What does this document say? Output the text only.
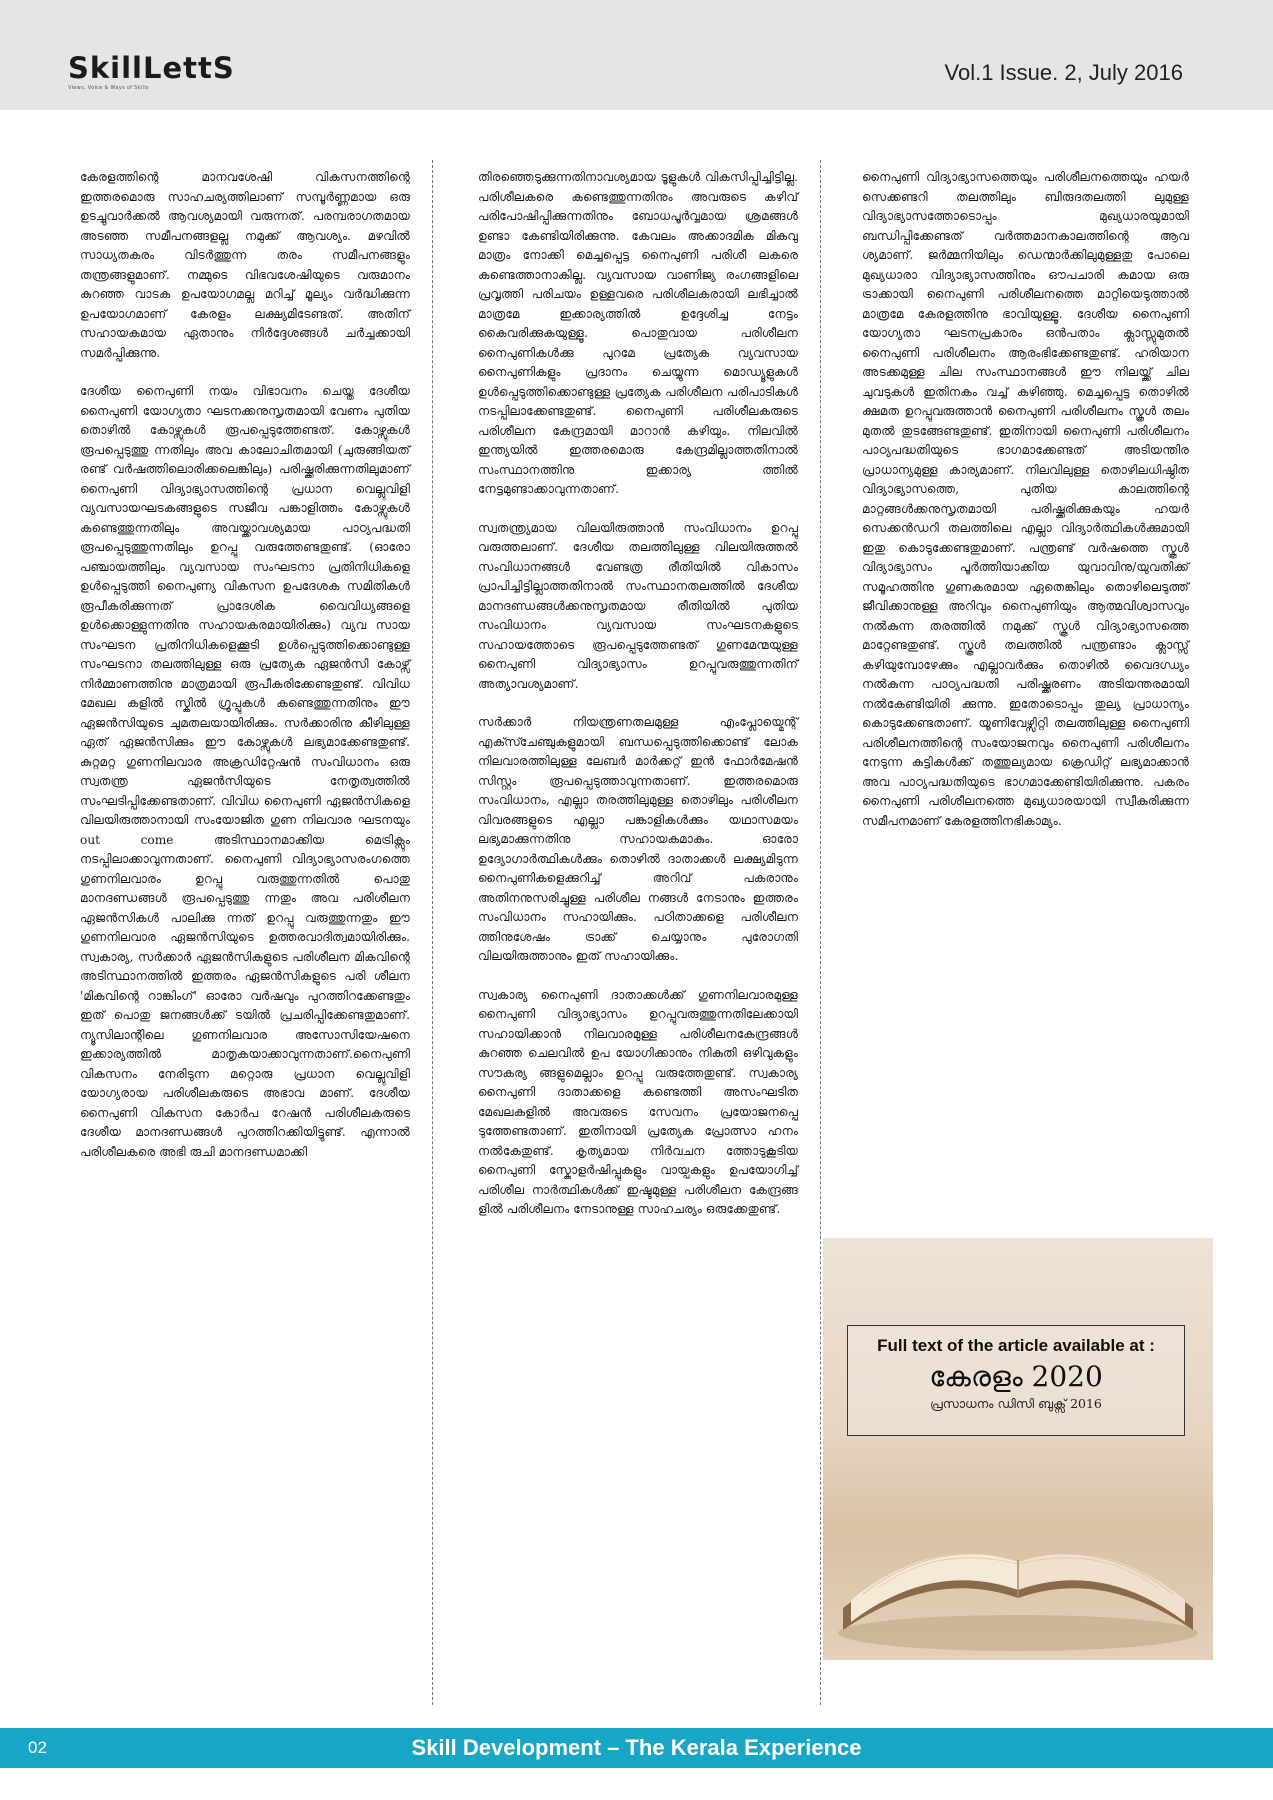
SkillLettS
Views, Voice & Ways of Skills
Vol.1 Issue. 2, July 2016

കേരളത്തിന്റെ മാനവശേഷി വികസനത്തിന്റെ ഇത്തരമൊരു സാഹചര്യത്തിലാണ് സമ്പൂർണ്ണമായ ഒരു ഉടച്ചുവാർക്കൽ ആവശ്യമായി വരുന്നത്. പരമ്പരാഗതമായ അടഞ്ഞ സമീപനങ്ങളല്ല നമുക്ക് ആവശ്യം. മഴവിൽ സാധ്യതകരം വിടർത്തുന്ന തരം സമീപനങ്ങളും തന്ത്രങ്ങളുമാണ്. നമ്മുടെ വിഭവശേഷിയുടെ വരുമാനം കുറഞ്ഞ വാടക ഉപയോഗമല്ല മറിച്ച് മൂല്യം വർദ്ധിക്കുന്ന ഉപയോഗമാണ് കേരളം ലക്ഷ്യമിടേണ്ടത്. അതിന് സഹായകമായ ഏതാനും നിർദ്ദേശങ്ങൾ ചർച്ചക്കായി സമർപ്പിക്കുന്നു.

ദേശീയ നൈപുണി നയം വിഭാവനം ചെയ്ത ദേശീയ നൈപുണി യോഗ്യതാ ഘടനക്കനുസൃതമായി വേണം പുതിയ തൊഴിൽ കോഴ്സുകൾ രൂപപ്പെടുത്തേണ്ടത്. കോഴ്സുകൾ രൂപപ്പെടുത്തു ന്നതിലും അവ കാലോചിതമായി (ചുരുങ്ങിയത് രണ്ട് വർഷത്തിലൊരിക്കലെങ്കിലും) പരിഷ്ക്കരിക്കുന്നതിലുമാണ് നൈപുണി വിദ്യാഭ്യാസത്തിന്റെ പ്രധാന വെല്ലുവിളി വ്യവസായഘടകങ്ങളുടെ സജീവ പങ്കാളിത്തം കോഴ്സുകൾ കണ്ടെത്തുന്നതിലും അവയ്ക്കാവശ്യമായ പാഠ്യപദ്ധതി രൂപപ്പെടുത്തുന്നതിലും ഉറപ്പു വരുത്തേണ്ടതുണ്ട്. (ഓരോ പഞ്ചായത്തിലും വ്യവസായ സംഘടനാ പ്രതിനിധികളെ ഉൾപ്പെടുത്തി നൈപുണ്യ വികസന ഉപദേശക സമിതികൾ രൂപീകരിക്കുന്നത് പ്രാദേശിക വൈവിധ്യങ്ങളെ ഉൾക്കൊള്ളുന്നതിനു സഹായകരമായിരിക്കും) വ്യവ സായ സംഘടന പ്രതിനിധികളെക്കൂടി ഉൾപ്പെടുത്തിക്കൊണ്ടുള്ള സംഘടനാ തലത്തിലുള്ള ഒരു പ്രത്യേക ഏജൻസി കോഴ്സ് നിർമ്മാണത്തിനു മാത്രമായി രൂപീകരിക്കേണ്ടതുണ്ട്. വിവിധ മേഖല കളിൽ സ്കിൽ ഗ്രൂപ്പുകൾ കണ്ടെത്തുന്നതിനും ഈ ഏജൻസിയുടെ ചുമതലയായിരിക്കും. സർക്കാരിനു കീഴിലുള്ള ഏത് ഏജൻസിക്കും ഈ കോഴ്സുകൾ ലഭ്യമാക്കേണ്ടതുണ്ട്. കുറ്റമറ്റ ഗുണനിലവാര അക്രഡിറ്റേഷൻ സംവിധാനം ഒരു സ്വതന്ത്ര ഏജൻസിയുടെ നേതൃത്വത്തിൽ സംഘടിപ്പിക്കേണ്ടതാണ്. വിവിധ നൈപുണി ഏജൻസികളെ വിലയിരുത്താനായി സംയോജിത ഗുണ നിലവാര ഘടനയും out come അടിസ്ഥാനമാക്കിയ മെട്രിക്സും നടപ്പിലാക്കാവുന്നതാണ്. നൈപുണി വിദ്യാഭ്യാസരംഗത്തെ ഗുണനിലവാരം ഉറപ്പു വരുത്തുന്നതിൽ പൊതു മാനദണ്ഡങ്ങൾ രൂപപ്പെടുത്തു ന്നതും അവ പരിശീലന ഏജൻസികൾ പാലിക്കു ന്നത് ഉറപ്പു വരുത്തുന്നതും ഈ ഗുണനിലവാര ഏജൻസിയുടെ ഉത്തരവാദിത്വമായിരിക്കും. സ്വകാര്യ, സർക്കാർ ഏജൻസികളുടെ പരിശീലന മികവിന്റെ അടിസ്ഥാനത്തിൽ ഇത്തരം ഏജൻസികളുടെ പരി ശീലന 'മികവിന്റെ റാങ്കിംഗ്' ഓരോ വർഷവും പുറത്തിറക്കേണ്ടതും ഇത് പൊതു ജനങ്ങൾക്ക് ടയിൽ പ്രചരിപ്പിക്കേണ്ടതുമാണ്. ന്യൂസിലാന്റിലെ ഗുണനിലവാര അസോസിയേഷനെ ഇക്കാര്യത്തിൽ മാതൃകയാക്കാവുന്നതാണ്.നൈപുണി വികസനം നേരിടുന്ന മറ്റൊരു പ്രധാന വെല്ലുവിളി യോഗ്യരായ പരിശീലകരുടെ അഭാവ മാണ്. ദേശീയ നൈപുണി വികസന കോർപ റേഷൻ പരിശീലകരുടെ ദേശീയ മാനദണ്ഡങ്ങൾ പുറത്തിറക്കിയിട്ടുണ്ട്. എന്നാൽ പരിശീലകരെ അഭി രുചി മാനദണ്ഡമാക്കി

തിരഞ്ഞെടുക്കുന്നതിനാവശ്യമായ ടൂളുകൾ വികസിപ്പിച്ചിട്ടില്ല. പരിശീലകരെ കണ്ടെത്തുന്നതിനും അവരുടെ കഴിവ് പരിപോഷിപ്പിക്കുന്നതിനും ബോധപൂർവ്വമായ ശ്രമങ്ങൾ ഉണ്ടാ കേണ്ടിയിരിക്കുന്നു. കേവലം അക്കാദമിക മികവു മാത്രം നോക്കി മെച്ചപ്പെട്ട നൈപുണി പരിശീ ലകരെ കണ്ടെത്താനാകില്ല. വ്യവസായ വാണിജ്യ രംഗങ്ങളിലെ പ്രവൃത്തി പരിചയം ഉള്ളവരെ പരിശീലകരായി ലഭിച്ചാൽ മാത്രമേ ഇക്കാര്യത്തിൽ ഉദ്ദേശിച്ച നേട്ടം കൈവരിക്കുകയുള്ളൂ. പൊതുവായ പരിശീലന നൈപുണികൾക്കു പുറമേ പ്രത്യേക വ്യവസായ നൈപുണികളും പ്രദാനം ചെയ്യുന്ന മൊഡ്യൂളുകൾ ഉൾപ്പെടുത്തിക്കൊണ്ടുള്ള പ്രത്യേക പരിശീലന പരിപാടികൾ നടപ്പിലാക്കേണ്ടതുണ്ട്. നൈപുണി പരിശീലകരുടെ പരിശീലന കേന്ദ്രമായി മാറാൻ കഴിയും. നിലവിൽ ഇന്ത്യയിൽ ഇത്തരമൊരു കേന്ദ്രമില്ലാത്തതിനാൽ സംസ്ഥാനത്തിനു ഇക്കാര്യ ത്തിൽ നേട്ടമുണ്ടാക്കാവുന്നതാണ്.

സ്വതന്ത്ര്യമായ വിലയിരുത്താൻ സംവിധാനം ഉറപ്പു വരുത്തലാണ്. ദേശീയ തലത്തിലുള്ള വിലയിരുത്തൽ സംവിധാനങ്ങൾ വേണ്ടത്ര രീതിയിൽ വികാസം പ്രാപിച്ചിട്ടില്ലാത്തതിനാൽ സംസ്ഥാനതലത്തിൽ ദേശീയ മാനദണ്ഡങ്ങൾക്കനുസൃതമായ രീതിയിൽ പുതിയ സംവിധാനം വ്യവസായ സംഘടനകളുടെ സഹായത്തോടെ രൂപപ്പെടുത്തേണ്ടത് ഗുണമേന്മയുള്ള നൈപുണി വിദ്യാഭ്യാസം ഉറപ്പുവരുത്തുന്നതിന് അത്യാവശ്യമാണ്.

സർക്കാർ നിയന്ത്രണതലമുള്ള എംപ്ലോയ്മെന്റ് എക്സ്ചേഞ്ചുകളുമായി ബന്ധപ്പെടുത്തിക്കൊണ്ട് ലോക നിലവാരത്തിലുള്ള ലേബർ മാർക്കറ്റ് ഇൻ ഫോർമേഷൻ സിസ്റ്റം രൂപപ്പെടുത്താവുന്നതാണ്. ഇത്തരമൊരു സംവിധാനം, എല്ലാ തരത്തിലുമുള്ള തൊഴിലും പരിശീലന വിവരങ്ങളുടെ എല്ലാ പങ്കാളികൾക്കും യഥാസമയം ലഭ്യമാക്കുന്നതിനു സഹായകമാകും. ഓരോ ഉദ്യോഗാർത്ഥികൾക്കും തൊഴിൽ ദാതാക്കൾ ലക്ഷ്യമിടുന്ന നൈപുണികളെക്കുറിച്ച് അറിവ് പകരാനും അതിനനുസരിച്ചുള്ള പരിശീല നങ്ങൾ നേടാനും ഇത്തരം സംവിധാനം സഹായിക്കും. പഠിതാക്കളെ പരിശീലന ത്തിനുശേഷം ട്രാക്ക് ചെയ്യാനും പുരോഗതി വിലയിരുത്താനും ഇത് സഹായിക്കും.

സ്വകാര്യ നൈപുണി ദാതാക്കൾക്ക് ഗുണനിലവാരമുള്ള നൈപുണി വിദ്യാഭ്യാസം ഉറപ്പുവരുത്തുന്നതിലേക്കായി സഹായിക്കാൻ നിലവാരമുള്ള പരിശീലനകേന്ദ്രങ്ങൾ കുറഞ്ഞ ചെലവിൽ ഉപ യോഗിക്കാനും നികുതി ഒഴിവുകളും സൗകര്യ ങ്ങളുമെല്ലാം ഉറപ്പു വരുത്തേതുണ്ട്. സ്വകാര്യ നൈപുണി ദാതാക്കളെ കണ്ടെത്തി അസംഘടിത മേഖലകളിൽ അവരുടെ സേവനം പ്രയോജനപ്പെ ടുത്തേണ്ടതാണ്. ഇതിനായി പ്രത്യേക പ്രോത്സാ ഹനം നൽകേതുണ്ട്. കൃത്യമായ നിർവചന ത്തോടുകൂടിയ നൈപുണി സ്കോളർഷിപ്പുകളും വായ്പകളും ഉപയോഗിച്ച് പരിശീല നാർത്ഥികൾക്ക് ഇഷ്ടമുള്ള പരിശീലന കേന്ദ്രങ്ങ ളിൽ പരിശീലനം നേടാനുള്ള സാഹചര്യം ഒരുക്കേതുണ്ട്.

നൈപുണി വിദ്യാഭ്യാസത്തെയും പരിശീലനത്തെയും ഹയർ സെക്കണ്ടറി തലത്തിലും ബിരുദതലത്തി ലുമുള്ള വിദ്യാഭ്യാസത്തോടൊപ്പം മുഖ്യധാരയുമായി ബന്ധിപ്പിക്കേണ്ടത് വർത്തമാനകാലത്തിന്റെ ആവ ശ്യമാണ്. ജർമ്മനിയിലും ഡെന്മാർക്കിലുമുള്ളതു പോലെ മുഖ്യധാരാ വിദ്യാഭ്യാസത്തിനും ഔപചാരി കമായ ഒരു ട്രാക്കായി നൈപുണി പരിശീലനത്തെ മാറ്റിയെടുത്താൽ മാത്രമേ കേരളത്തിനു ഭാവിയുള്ളൂ. ദേശീയ നൈപുണി യോഗ്യതാ ഘടനപ്രകാരം ഒൻപതാം ക്ലാസ്സുമുതൽ നൈപുണി പരിശീലനം ആരംഭിക്കേണ്ടതുണ്ട്. ഹരിയാന അടക്കമുള്ള ചില സംസ്ഥാനങ്ങൾ ഈ നിലയ്ക്ക് ചില ചുവടുകൾ ഇതിനകം വച്ച് കഴിഞ്ഞു. മെച്ചപ്പെട്ട തൊഴിൽ ക്ഷമത ഉറപ്പുവരുത്താൻ നൈപുണി പരിശീലനം സ്കൂൾ തലം മുതൽ തുടങ്ങേണ്ടതുണ്ട്. ഇതിനായി നൈപുണി പരിശീലനം പാഠ്യപദ്ധതിയുടെ ഭാഗമാക്കേണ്ടത് അടിയന്തിര പ്രാധാന്യമുള്ള കാര്യമാണ്. നിലവിലുള്ള തൊഴിലധിഷ്ഠിത വിദ്യാഭ്യാസത്തെ, പുതിയ കാലത്തിന്റെ മാറ്റങ്ങൾക്കനുസൃതമായി പരിഷ്ക്കരിക്കുകയും ഹയർ സെക്കൻഡറി തലത്തിലെ എല്ലാ വിദ്യാർത്ഥികൾക്കുമായി ഇതു കൊടുക്കേണ്ടതുമാണ്. പന്ത്രണ്ട് വർഷത്തെ സ്കൂൾ വിദ്യാഭ്യാസം പൂർത്തിയാക്കിയ യുവാവിനു/യുവതിക്ക് സമൂഹത്തിനു ഗുണകരമായ ഏതെങ്കിലും തൊഴിലെടുത്ത് ജീവിക്കാനുള്ള അറിവും നൈപുണിയും ആത്മവിശ്വാസവും നൽകുന്ന തരത്തിൽ നമുക്ക് സ്കൂൾ വിദ്യാഭ്യാസത്തെ മാറ്റേണ്ടതുണ്ട്. സ്കൂൾ തലത്തിൽ പന്ത്രണ്ടാം ക്ലാസ്സ് കഴിയുമ്പോഴേക്കും എല്ലാവർക്കും തൊഴിൽ വൈദഗ്ധ്യം നൽകുന്ന പാഠ്യപദ്ധതി പരിഷ്ക്കരണം അടിയന്തരമായി നൽകേണ്ടിയിരി ക്കുന്നു. ഇതോടൊപ്പം തുല്യ പ്രാധാന്യം കൊടുക്കേണ്ടതാണ്. യൂണിവേഴ്സിറ്റി തലത്തിലുള്ള നൈപുണി പരിശീലനത്തിന്റെ സംയോജനവും നൈപുണി പരിശീലനം നേടുന്ന കുട്ടികൾക്ക് തത്തുല്യമായ ക്രെഡിറ്റ് ലഭ്യമാക്കാൻ അവ പാഠ്യപദ്ധതിയുടെ ഭാഗമാക്കേണ്ടിയിരിക്കുന്നു. പകരം നൈപുണി പരിശീലനത്തെ മുഖ്യധാരയായി സ്വീകരിക്കുന്ന സമീപനമാണ് കേരളത്തിനഭികാമ്യം.

Full text of the article available at :
കേരളം 2020
പ്രസാധനം ഡിസി ബുക്സ് 2016
02	Skill Development – The Kerala Experience
